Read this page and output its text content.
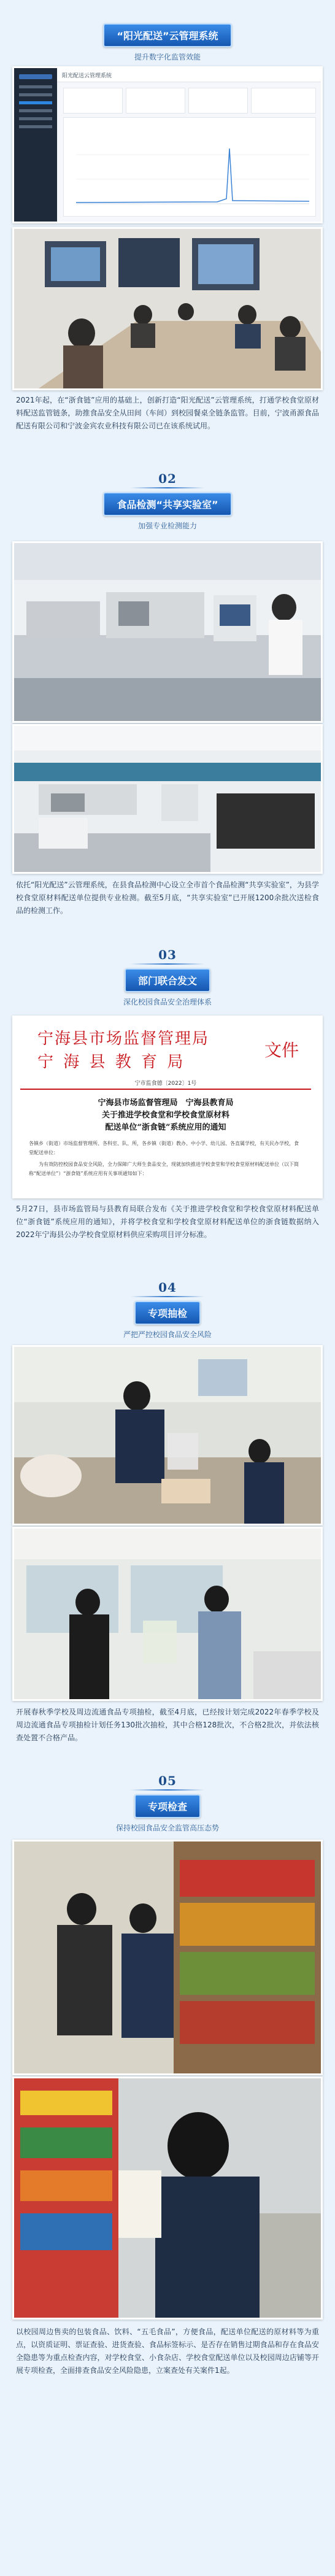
“阳光配送”云管理系统
提升数字化监管效能
阳光配送云管理系统
2021年起，在“浙食链”应用的基础上，创新打造“阳光配送”云管理系统，打通学校食堂原材料配送监管链条，助推食品安全从田间（车间）到校园餐桌全链条监管。目前，宁波甬源食品配送有限公司和宁波金宾农业科技有限公司已在该系统试用。
02
食品检测“共享实验室”
加强专业检测能力
依托“阳光配送”云管理系统，在县食品检测中心设立全市首个食品检测“共享实验室”，为县学校食堂原材料配送单位提供专业检测。截至5月底，“共享实验室”已开展1200余批次送检食品的检测工作。
03
部门联合发文
深化校园食品安全治理体系
宁海县市场监督管理局
宁 海 县 教 育 局
文件
宁市监食德〔2022〕1号
宁海县市场监督管理局　宁海县教育局
关于推进学校食堂和学校食堂原材料
配送单位“浙食链”系统应用的通知
各镇乡（街道）市场监督管理所、各科室、队、所，各乡镇（街道）教办、中小学、幼儿园、各直属学校，有关民办学校，食堂配送单位：
为有效防控校园食品安全风险，全力保障广大师生食品安全，现就加快推进学校食堂和学校食堂原材料配送单位（以下简称“配送单位”）“浙食链”系统应用有关事项通知如下：
5月27日，县市场监管局与县教育局联合发布《关于推进学校食堂和学校食堂原材料配送单位“浙食链”系统应用的通知》，并将学校食堂和学校食堂原材料配送单位的浙食链数据纳入2022年宁海县公办学校食堂原材料供应采购项目评分标准。
04
专项抽检
严把严控校园食品安全风险
开展春秋季学校及周边流通食品专项抽检，截至4月底，已经按计划完成2022年春季学校及周边流通食品专项抽检计划任务130批次抽检，其中合格128批次，不合格2批次，并依法核查处置不合格产品。
05
专项检查
保持校园食品安全监管高压态势
以校园周边售卖的包装食品、饮料、“五毛食品”，方便食品，配送单位配送的原材料等为重点，以资质证明、票证查验、进货查验、食品标签标示、是否存在销售过期食品和存在食品安全隐患等为重点检查内容，对学校食堂、小食杂店、学校食堂配送单位以及校园周边店铺等开展专项检查，全面排查食品安全风险隐患，立案查处有关案件1起。
